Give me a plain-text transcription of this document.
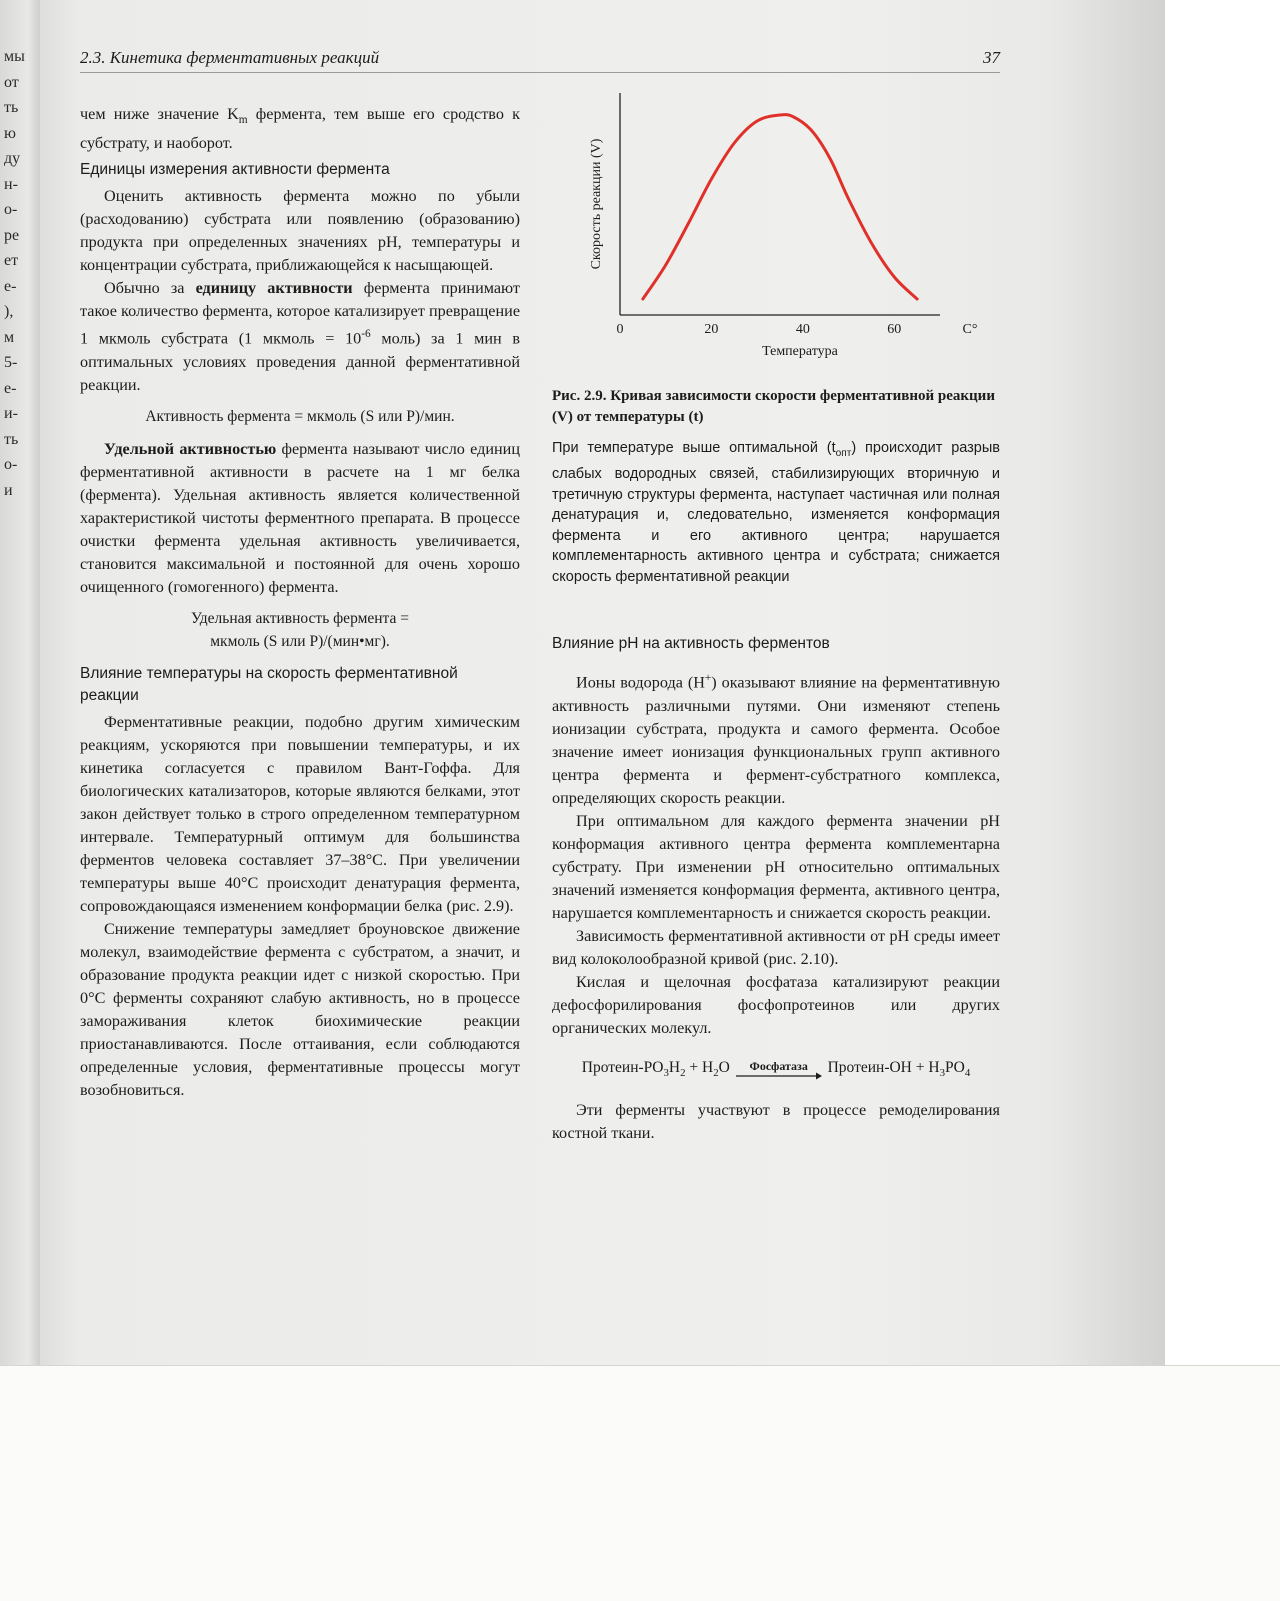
мы
от
ть
ю
ду
н-
о-
ре
ет
е-
),
м
5-
е-
и-
ть
о-
и
2.3. Кинетика ферментативных реакций	37

чем ниже значение $K_m$ фермента, тем выше его сродство к субстрату, и наоборот.

Единицы измерения активности фермента

Оценить активность фермента можно по убыли (расходованию) субстрата или появлению (образованию) продукта при определенных значениях pH, температуры и концентрации субстрата, приближающейся к насыщающей.

Обычно за единицу активности фермента принимают такое количество фермента, которое катализирует превращение 1 мкмоль субстрата (1 мкмоль = $10^{-6}$ моль) за 1 мин в оптимальных условиях проведения данной ферментативной реакции.

Активность фермента = мкмоль (S или P)/мин.

Удельной активностью фермента называют число единиц ферментативной активности в расчете на 1 мг белка (фермента). Удельная активность является количественной характеристикой чистоты ферментного препарата. В процессе очистки фермента удельная активность увеличивается, становится максимальной и постоянной для очень хорошо очищенного (гомогенного) фермента.

Удельная активность фермента =
мкмоль (S или P)/(мин•мг).

Влияние температуры на скорость ферментативной реакции

Ферментативные реакции, подобно другим химическим реакциям, ускоряются при повышении температуры, и их кинетика согласуется с правилом Вант-Гоффа. Для биологических катализаторов, которые являются белками, этот закон действует только в строго определенном температурном интервале. Температурный оптимум для большинства ферментов человека составляет 37–38°C. При увеличении температуры выше 40°C происходит денатурация фермента, сопровождающаяся изменением конформации белка (рис. 2.9).

Снижение температуры замедляет броуновское движение молекул, взаимодействие фермента с субстратом, а значит, и образование продукта реакции идет с низкой скоростью. При 0°C ферменты сохраняют слабую активность, но в процессе замораживания клеток биохимические реакции приостанавливаются. После оттаивания, если соблюдаются определенные условия, ферментативные процессы могут возобновиться.

0	20	40	60	C°
Температура
Скорость реакции (V)

Рис. 2.9. Кривая зависимости скорости ферментативной реакции (V) от температуры (t)

При температуре выше оптимальной $(t_{опт})$ происходит разрыв слабых водородных связей, стабилизирующих вторичную и третичную структуры фермента, наступает частичная или полная денатурация и, следовательно, изменяется конформация фермента и его активного центра; нарушается комплементарность активного центра и субстрата; снижается скорость ферментативной реакции

Влияние pH на активность ферментов

Ионы водорода (H+) оказывают влияние на ферментативную активность различными путями. Они изменяют степень ионизации субстрата, продукта и самого фермента. Особое значение имеет ионизация функциональных групп активного центра фермента и фермент-субстратного комплекса, определяющих скорость реакции.

При оптимальном для каждого фермента значении pH конформация активного центра фермента комплементарна субстрату. При изменении pH относительно оптимальных значений изменяется конформация фермента, активного центра, нарушается комплементарность и снижается скорость реакции.

Зависимость ферментативной активности от pH среды имеет вид колоколообразной кривой (рис. 2.10).

Кислая и щелочная фосфатаза катализируют реакции дефосфорилирования фосфопротеинов или других органических молекул.

Протеин-$PO_3H_2 + H_2O$	Фосфатаза	Протеин-OH + $H_3PO_4$

Эти ферменты участвуют в процессе ремоделирования костной ткани.
